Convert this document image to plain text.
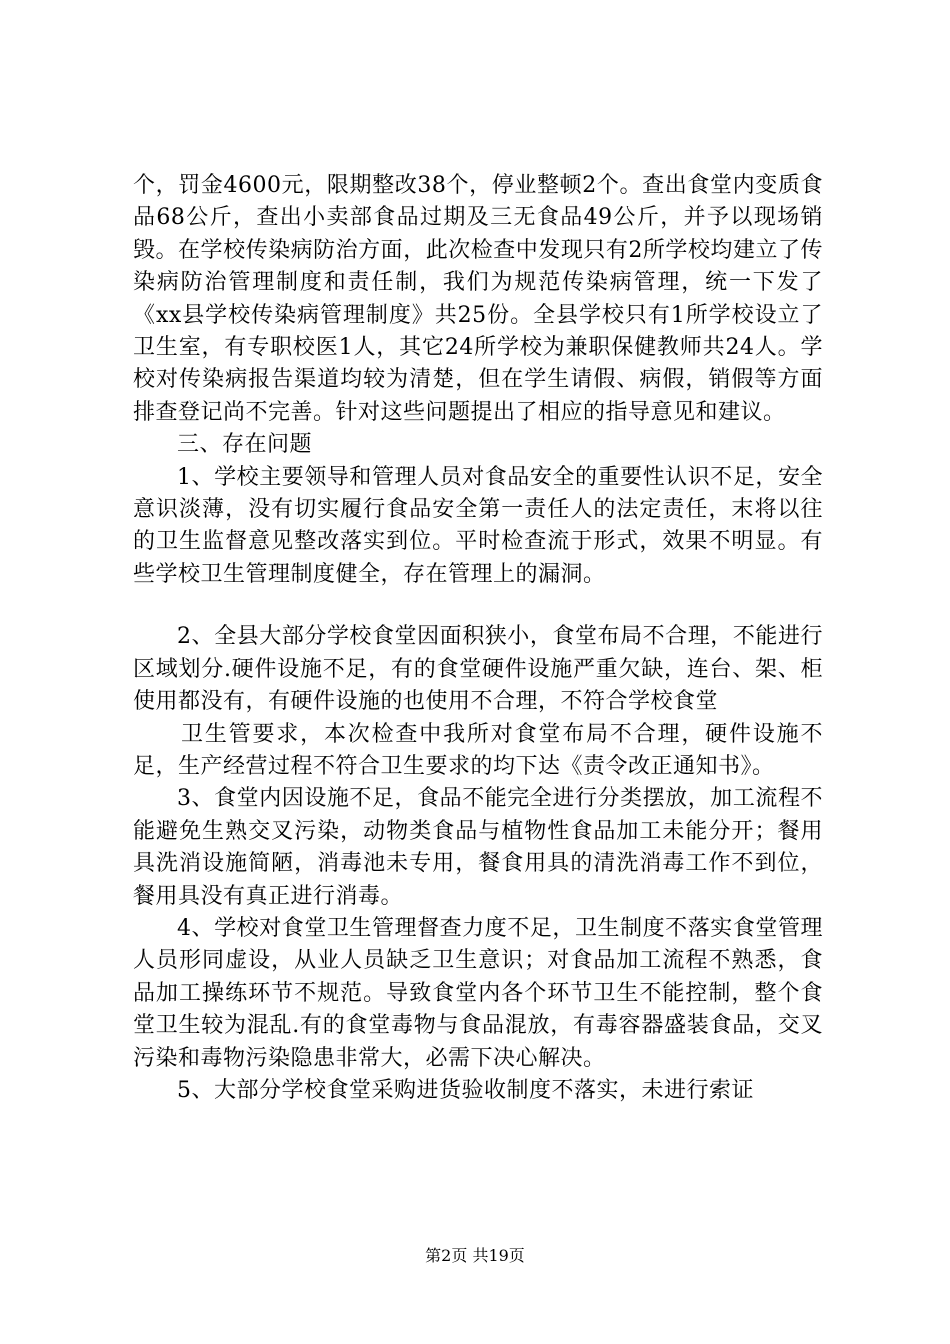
个，罚金4600元，限期整改38个，停业整顿2个。查出食堂内变质食品68公斤，查出小卖部食品过期及三无食品49公斤，并予以现场销毁。在学校传染病防治方面，此次检查中发现只有2所学校均建立了传染病防治管理制度和责任制，我们为规范传染病管理，统一下发了《xx县学校传染病管理制度》共25份。全县学校只有1所学校设立了卫生室，有专职校医1人，其它24所学校为兼职保健教师共24人。学校对传染病报告渠道均较为清楚，但在学生请假、病假，销假等方面排查登记尚不完善。针对这些问题提出了相应的指导意见和建议。

三、存在问题

1、学校主要领导和管理人员对食品安全的重要性认识不足，安全意识淡薄，没有切实履行食品安全第一责任人的法定责任，末将以往的卫生监督意见整改落实到位。平时检查流于形式，效果不明显。有些学校卫生管理制度健全，存在管理上的漏洞。

2、全县大部分学校食堂因面积狭小，食堂布局不合理，不能进行区域划分.硬件设施不足，有的食堂硬件设施严重欠缺，连台、架、柜使用都没有，有硬件设施的也使用不合理，不符合学校食堂

卫生管要求，本次检查中我所对食堂布局不合理，硬件设施不足，生产经营过程不符合卫生要求的均下达《责令改正通知书》。

3、食堂内因设施不足，食品不能完全进行分类摆放，加工流程不能避免生熟交叉污染，动物类食品与植物性食品加工未能分开；餐用具洗消设施简陋，消毒池未专用，餐食用具的清洗消毒工作不到位，餐用具没有真正进行消毒。

4、学校对食堂卫生管理督查力度不足，卫生制度不落实食堂管理人员形同虚设，从业人员缺乏卫生意识；对食品加工流程不熟悉，食品加工操练环节不规范。导致食堂内各个环节卫生不能控制，整个食堂卫生较为混乱.有的食堂毒物与食品混放，有毒容器盛装食品，交叉污染和毒物污染隐患非常大，必需下决心解决。

5、大部分学校食堂采购进货验收制度不落实，未进行索证

第2页 共19页
